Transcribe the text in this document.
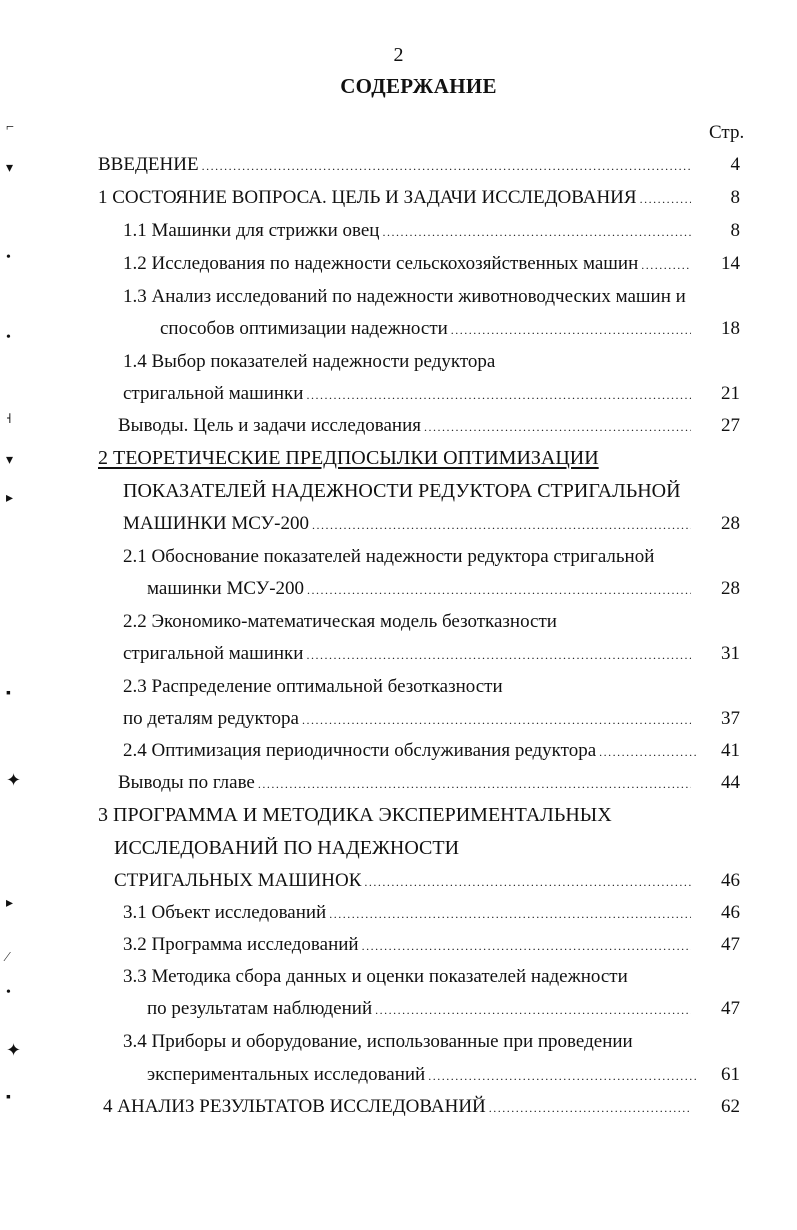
2
СОДЕРЖАНИЕ
Стр.
ВВЕДЕНИЕ .....	4
1 СОСТОЯНИЕ ВОПРОСА. ЦЕЛЬ И ЗАДАЧИ ИССЛЕДОВАНИЯ .....	8
1.1 Машинки для стрижки овец .....	8
1.2 Исследования по надежности сельскохозяйственных машин .....	14
1.3 Анализ исследований по надежности животноводческих машин и
способов оптимизации надежности .....	18
1.4 Выбор показателей надежности редуктора
стригальной машинки .....	21
Выводы. Цель и задачи исследования .....	27
2 ТЕОРЕТИЧЕСКИЕ ПРЕДПОСЫЛКИ ОПТИМИЗАЦИИ
ПОКАЗАТЕЛЕЙ НАДЕЖНОСТИ РЕДУКТОРА СТРИГАЛЬНОЙ
МАШИНКИ МСУ-200 .....	28
2.1 Обоснование показателей надежности редуктора стригальной
машинки МСУ-200 .....	28
2.2 Экономико-математическая модель безотказности
стригальной машинки .....	31
2.3 Распределение оптимальной безотказности
по деталям редуктора .....	37
2.4 Оптимизация периодичности обслуживания редуктора .....	41
Выводы по главе .....	44
3 ПРОГРАММА И МЕТОДИКА ЭКСПЕРИМЕНТАЛЬНЫХ
ИССЛЕДОВАНИЙ ПО НАДЕЖНОСТИ
СТРИГАЛЬНЫХ МАШИНОК .....	46
3.1 Объект исследований .....	46
3.2 Программа исследований .....	47
3.3 Методика сбора данных и оценки показателей надежности
по результатам наблюдений .....	47
3.4 Приборы и оборудование, использованные при проведении
экспериментальных исследований .....	61
4 АНАЛИЗ РЕЗУЛЬТАТОВ ИССЛЕДОВАНИЙ .....	62
⌐
▾
•
•
˧
▾
▸
▪
✦
▸
⁄
•
✦
▪
